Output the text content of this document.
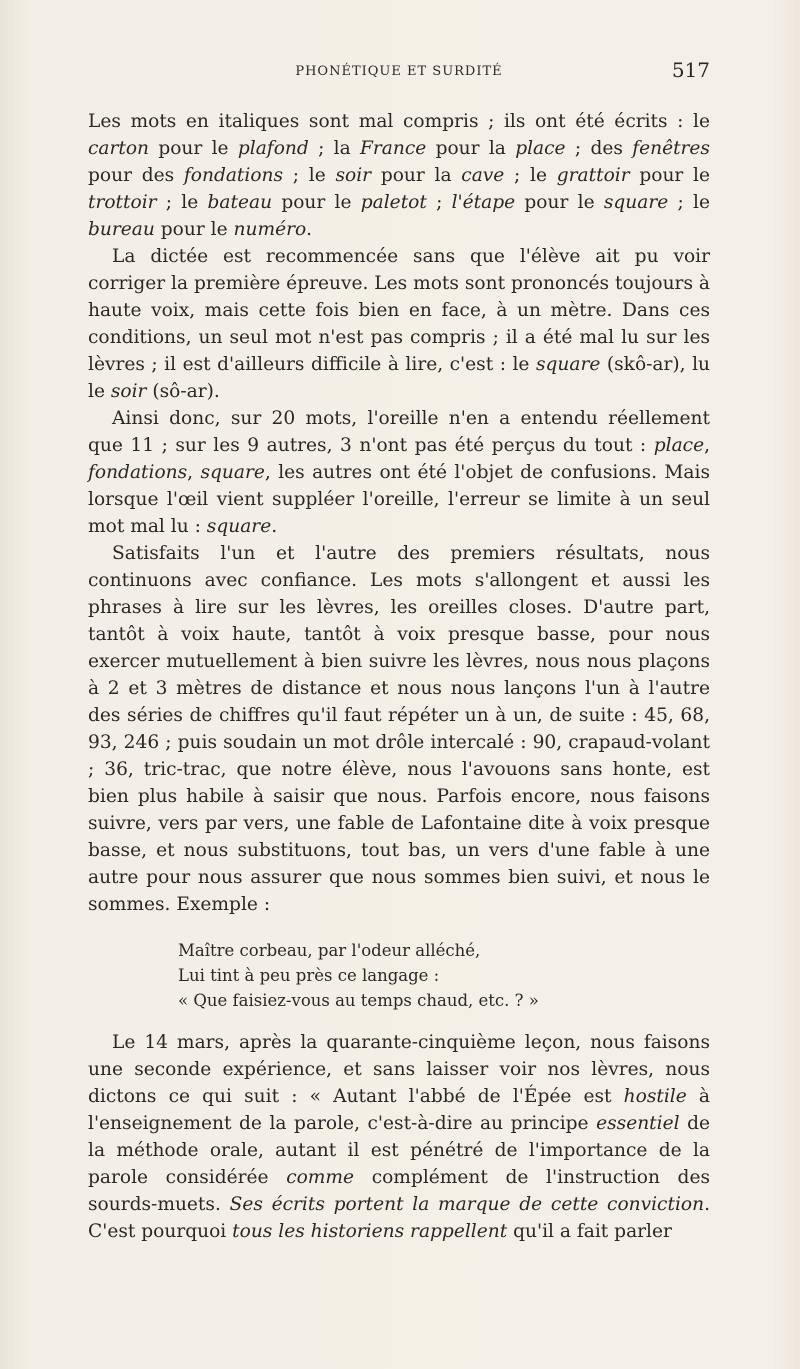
PHONÉTIQUE ET SURDITÉ	517

Les mots en italiques sont mal compris ; ils ont été écrits : le carton pour le plafond ; la France pour la place ; des fenêtres pour des fondations ; le soir pour la cave ; le grattoir pour le trottoir ; le bateau pour le paletot ; l'étape pour le square ; le bureau pour le numéro.

La dictée est recommencée sans que l'élève ait pu voir corriger la première épreuve. Les mots sont prononcés toujours à haute voix, mais cette fois bien en face, à un mètre. Dans ces conditions, un seul mot n'est pas compris ; il a été mal lu sur les lèvres ; il est d'ailleurs difficile à lire, c'est : le square (skô-ar), lu le soir (sô-ar).

Ainsi donc, sur 20 mots, l'oreille n'en a entendu réellement que 11 ; sur les 9 autres, 3 n'ont pas été perçus du tout : place, fondations, square, les autres ont été l'objet de confusions. Mais lorsque l'œil vient suppléer l'oreille, l'erreur se limite à un seul mot mal lu : square.

Satisfaits l'un et l'autre des premiers résultats, nous continuons avec confiance. Les mots s'allongent et aussi les phrases à lire sur les lèvres, les oreilles closes. D'autre part, tantôt à voix haute, tantôt à voix presque basse, pour nous exercer mutuellement à bien suivre les lèvres, nous nous plaçons à 2 et 3 mètres de distance et nous nous lançons l'un à l'autre des séries de chiffres qu'il faut répéter un à un, de suite : 45, 68, 93, 246 ; puis soudain un mot drôle intercalé : 90, crapaud-volant ; 36, tric-trac, que notre élève, nous l'avouons sans honte, est bien plus habile à saisir que nous. Parfois encore, nous faisons suivre, vers par vers, une fable de Lafontaine dite à voix presque basse, et nous substituons, tout bas, un vers d'une fable à une autre pour nous assurer que nous sommes bien suivi, et nous le sommes. Exemple :

Maître corbeau, par l'odeur alléché,
Lui tint à peu près ce langage :
« Que faisiez-vous au temps chaud, etc. ? »

Le 14 mars, après la quarante-cinquième leçon, nous faisons une seconde expérience, et sans laisser voir nos lèvres, nous dictons ce qui suit : « Autant l'abbé de l'Épée est hostile à l'enseignement de la parole, c'est-à-dire au principe essentiel de la méthode orale, autant il est pénétré de l'importance de la parole considérée comme complément de l'instruction des sourds-muets. Ses écrits portent la marque de cette conviction. C'est pourquoi tous les historiens rappellent qu'il a fait parler
